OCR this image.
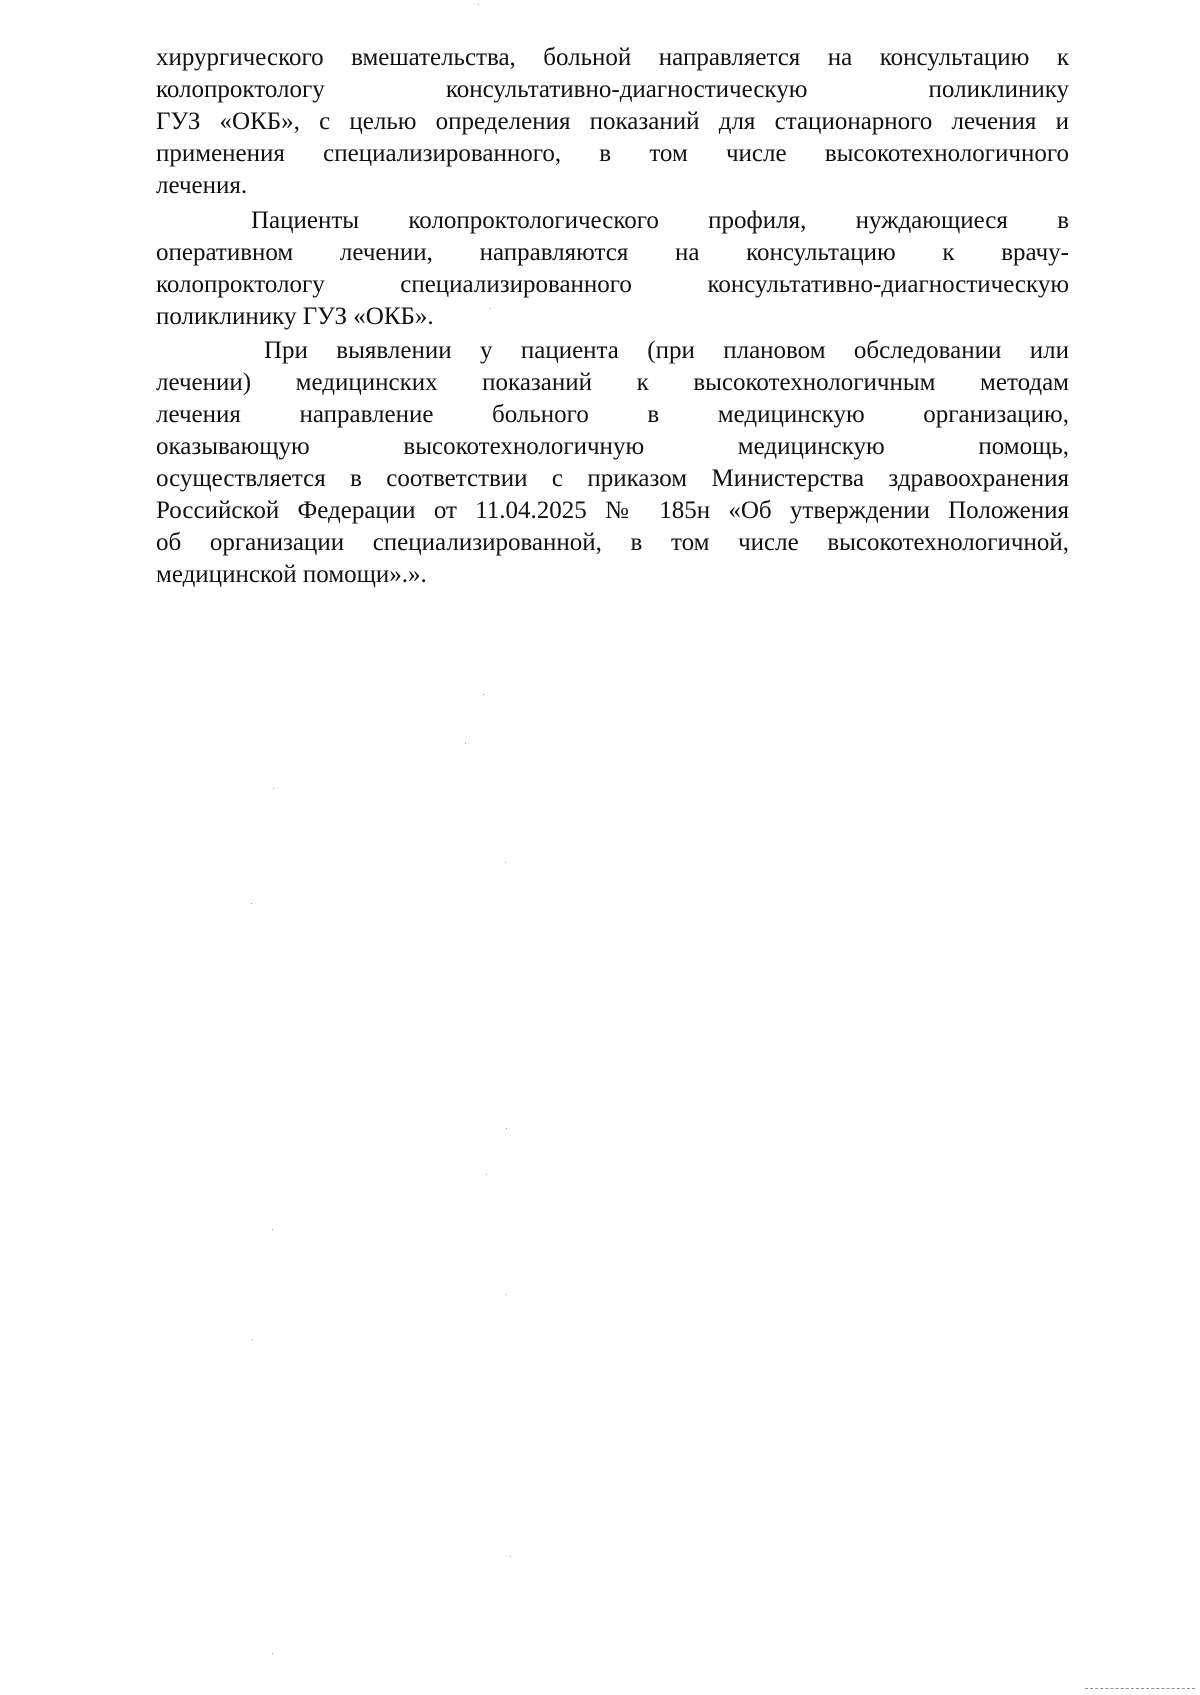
хирургического вмешательства, больной направляется на консультацию к
колопроктологу консультативно-диагностическую поликлинику
ГУЗ «ОКБ», с целью определения показаний для стационарного лечения и
применения специализированного, в том числе высокотехнологичного
лечения.
Пациенты колопроктологического профиля, нуждающиеся в
оперативном лечении, направляются на консультацию к врачу-
колопроктологу специализированного консультативно-диагностическую
поликлинику ГУЗ «ОКБ».
При выявлении у пациента (при плановом обследовании или
лечении) медицинских показаний к высокотехнологичным методам
лечения направление больного в медицинскую организацию,
оказывающую высокотехнологичную медицинскую помощь,
осуществляется в соответствии с приказом Министерства здравоохранения
Российской Федерации от 11.04.2025 № 185н «Об утверждении Положения
об организации специализированной, в том числе высокотехнологичной,
медицинской помощи».».
